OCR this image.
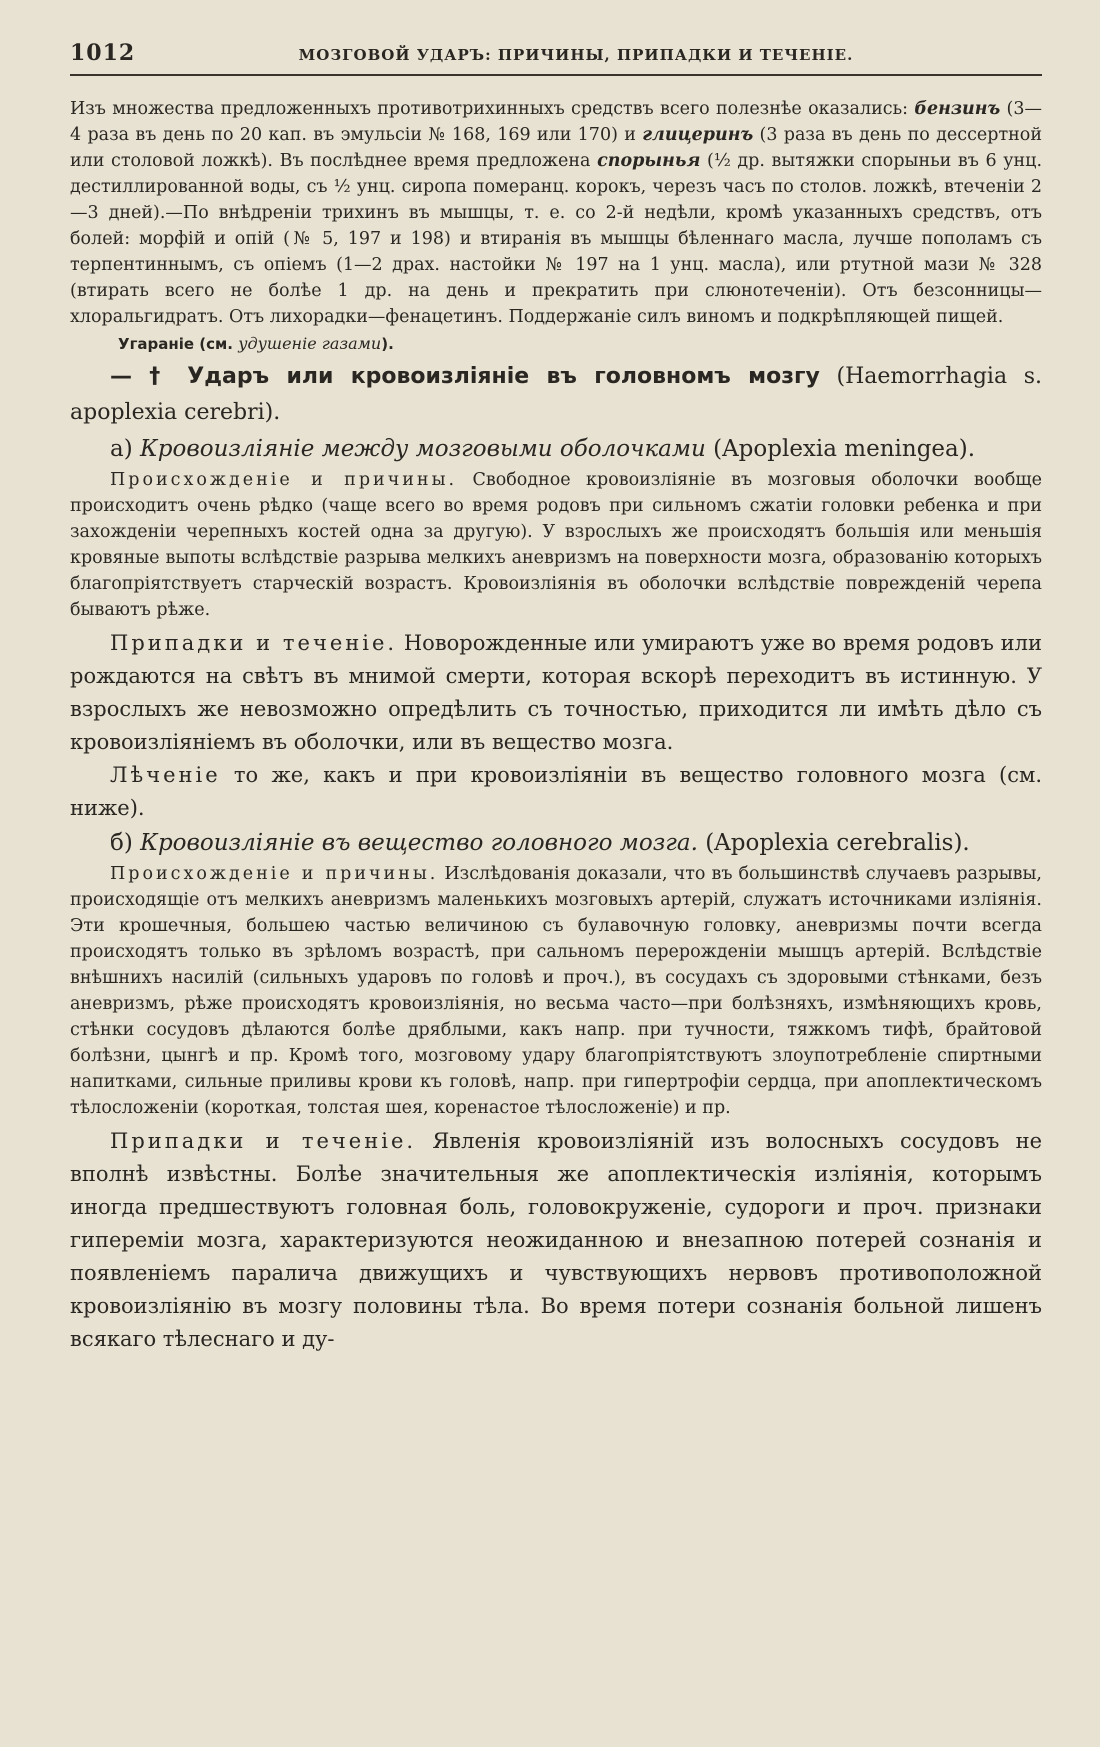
1012	МОЗГОВОЙ УДАРЪ: ПРИЧИНЫ, ПРИПАДКИ И ТЕЧЕНІЕ.

Изъ множества предложенныхъ противотрихинныхъ средствъ всего полезнѣе оказались: бензинъ (3—4 раза въ день по 20 кап. въ эмульсіи № 168, 169 или 170) и глицеринъ (3 раза въ день по дессертной или столовой ложкѣ). Въ послѣднее время предложена спорынья (½ др. вытяжки спорыньи въ 6 унц. дестиллированной воды, съ ½ унц. сиропа померанц. корокъ, черезъ часъ по столов. ложкѣ, втеченіи 2—3 дней).—По внѣдреніи трихинъ въ мышцы, т. е. со 2-й недѣли, кромѣ указанныхъ средствъ, отъ болей: морфій и опій (№ 5, 197 и 198) и втиранія въ мышцы бѣленнаго масла, лучше пополамъ съ терпентиннымъ, съ опіемъ (1—2 драх. настойки № 197 на 1 унц. масла), или ртутной мази № 328 (втирать всего не болѣе 1 др. на день и прекратить при слюнотеченіи). Отъ безсонницы—хлоральгидратъ. Отъ лихорадки—фенацетинъ. Поддержаніе силъ виномъ и подкрѣпляющей пищей.

Угараніе (см. удушеніе газами).

— † Ударъ или кровоизліяніе въ головномъ мозгу (Haemorrhagia s. apoplexia cerebri).

а) Кровоизліяніе между мозговыми оболочками (Apoplexia meningea).

Происхожденіе и причины. Свободное кровоизліяніе въ мозговыя оболочки вообще происходитъ очень рѣдко (чаще всего во время родовъ при сильномъ сжатіи головки ребенка и при захожденіи черепныхъ костей одна за другую). У взрослыхъ же происходятъ большія или меньшія кровяные выпоты вслѣдствіе разрыва мелкихъ аневризмъ на поверхности мозга, образованію которыхъ благопріятствуетъ старческій возрастъ. Кровоизліянія въ оболочки вслѣдствіе поврежденій черепа бываютъ рѣже.

Припадки и теченіе. Новорожденные или умираютъ уже во время родовъ или рождаются на свѣтъ въ мнимой смерти, которая вскорѣ переходитъ въ истинную. У взрослыхъ же невозможно опредѣлить съ точностью, приходится ли имѣть дѣло съ кровоизліяніемъ въ оболочки, или въ вещество мозга.

Лѣченіе то же, какъ и при кровоизліяніи въ вещество головного мозга (см. ниже).

б) Кровоизліяніе въ вещество головного мозга. (Apoplexia cerebralis).

Происхожденіе и причины. Изслѣдованія доказали, что въ большинствѣ случаевъ разрывы, происходящіе отъ мелкихъ аневризмъ маленькихъ мозговыхъ артерій, служатъ источниками изліянія. Эти крошечныя, большею частью величиною съ булавочную головку, аневризмы почти всегда происходятъ только въ зрѣломъ возрастѣ, при сальномъ перерожденіи мышцъ артерій. Вслѣдствіе внѣшнихъ насилій (сильныхъ ударовъ по головѣ и проч.), въ сосудахъ съ здоровыми стѣнками, безъ аневризмъ, рѣже происходятъ кровоизліянія, но весьма часто—при болѣзняхъ, измѣняющихъ кровь, стѣнки сосудовъ дѣлаются болѣе дряблыми, какъ напр. при тучности, тяжкомъ тифѣ, брайтовой болѣзни, цынгѣ и пр. Кромѣ того, мозговому удару благопріятствуютъ злоупотребленіе спиртными напитками, сильные приливы крови къ головѣ, напр. при гипертрофіи сердца, при апоплектическомъ тѣлосложеніи (короткая, толстая шея, коренастое тѣлосложеніе) и пр.

Припадки и теченіе. Явленія кровоизліяній изъ волосныхъ сосудовъ не вполнѣ извѣстны. Болѣе значительныя же апоплектическія изліянія, которымъ иногда предшествуютъ головная боль, головокруженіе, судороги и проч. признаки гипереміи мозга, характеризуются неожиданною и внезапною потерей сознанія и появленіемъ паралича движущихъ и чувствующихъ нервовъ противоположной кровоизліянію въ мозгу половины тѣла. Во время потери сознанія больной лишенъ всякаго тѣлеснаго и ду-
